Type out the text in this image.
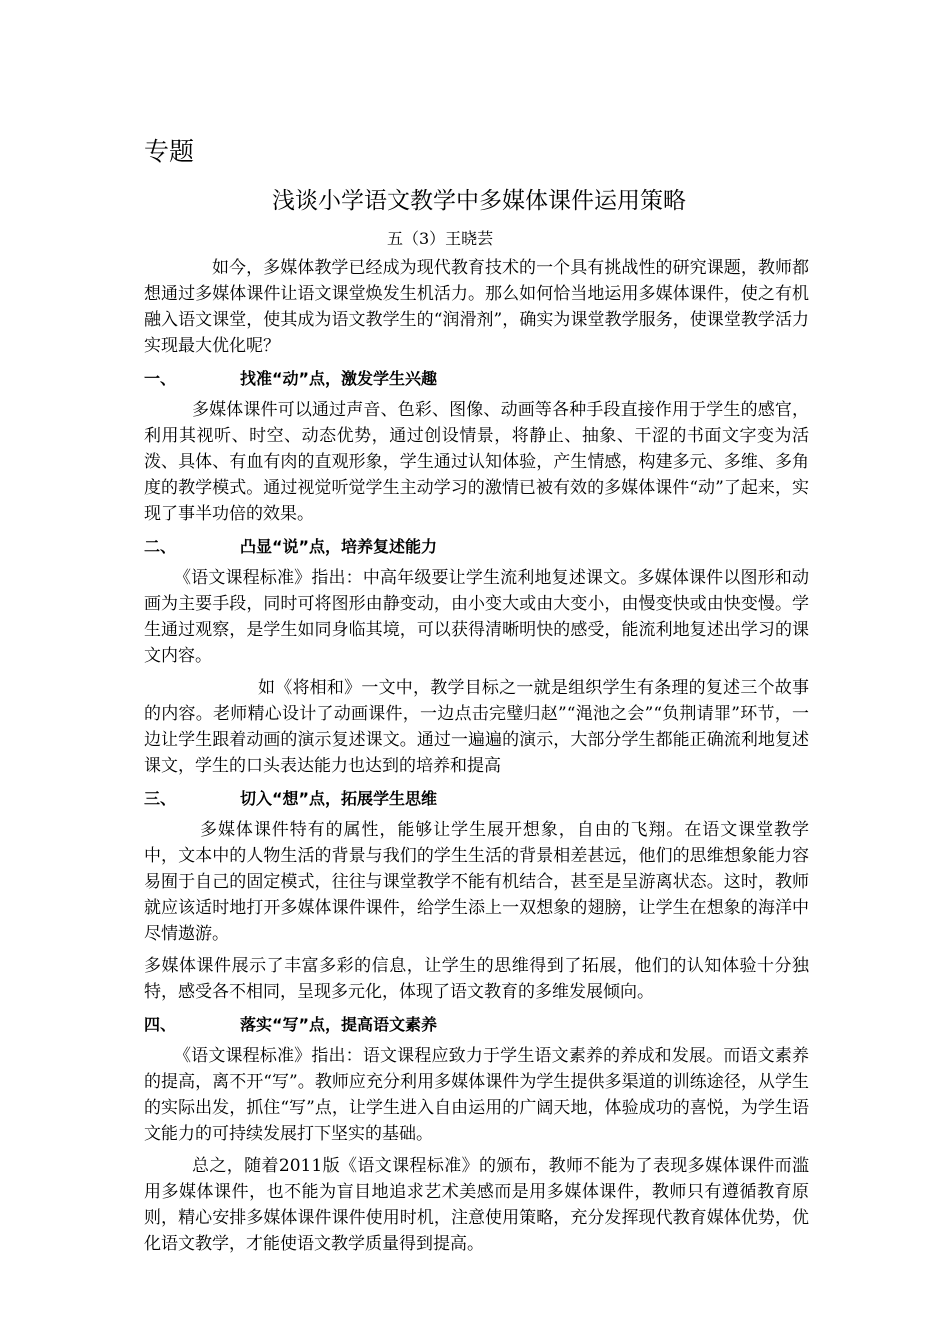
专题
浅谈小学语文教学中多媒体课件运用策略
五（3）王晓芸

如今，多媒体教学已经成为现代教育技术的一个具有挑战性的研究课题，教师都想通过多媒体课件让语文课堂焕发生机活力。那么如何恰当地运用多媒体课件，使之有机融入语文课堂，使其成为语文教学生的“润滑剂”，确实为课堂教学服务，使课堂教学活力实现最大优化呢？

一、	找准“动”点，激发学生兴趣

多媒体课件可以通过声音、色彩、图像、动画等各种手段直接作用于学生的感官，利用其视听、时空、动态优势，通过创设情景，将静止、抽象、干涩的书面文字变为活泼、具体、有血有肉的直观形象，学生通过认知体验，产生情感，构建多元、多维、多角度的教学模式。通过视觉听觉学生主动学习的激情已被有效的多媒体课件“动”了起来，实现了事半功倍的效果。

二、	凸显“说”点，培养复述能力

《语文课程标准》指出：中高年级要让学生流利地复述课文。多媒体课件以图形和动画为主要手段，同时可将图形由静变动，由小变大或由大变小，由慢变快或由快变慢。学生通过观察，是学生如同身临其境，可以获得清晰明快的感受，能流利地复述出学习的课文内容。

如《将相和》一文中，教学目标之一就是组织学生有条理的复述三个故事的内容。老师精心设计了动画课件，一边点击完璧归赵”“渑池之会”“负荆请罪”环节，一边让学生跟着动画的演示复述课文。通过一遍遍的演示，大部分学生都能正确流利地复述课文，学生的口头表达能力也达到的培养和提高

三、	切入“想”点，拓展学生思维

多媒体课件特有的属性，能够让学生展开想象，自由的飞翔。在语文课堂教学中，文本中的人物生活的背景与我们的学生生活的背景相差甚远，他们的思维想象能力容易囿于自己的固定模式，往往与课堂教学不能有机结合，甚至是呈游离状态。这时，教师就应该适时地打开多媒体课件课件，给学生添上一双想象的翅膀，让学生在想象的海洋中尽情遨游。

多媒体课件展示了丰富多彩的信息，让学生的思维得到了拓展，他们的认知体验十分独特，感受各不相同，呈现多元化，体现了语文教育的多维发展倾向。

四、	落实“写”点，提高语文素养

《语文课程标准》指出：语文课程应致力于学生语文素养的养成和发展。而语文素养的提高，离不开“写”。教师应充分利用多媒体课件为学生提供多渠道的训练途径，从学生的实际出发，抓住“写”点，让学生进入自由运用的广阔天地，体验成功的喜悦，为学生语文能力的可持续发展打下坚实的基础。

总之，随着2011版《语文课程标准》的颁布，教师不能为了表现多媒体课件而滥用多媒体课件，也不能为盲目地追求艺术美感而是用多媒体课件，教师只有遵循教育原则，精心安排多媒体课件课件使用时机，注意使用策略，充分发挥现代教育媒体优势，优化语文教学，才能使语文教学质量得到提高。
